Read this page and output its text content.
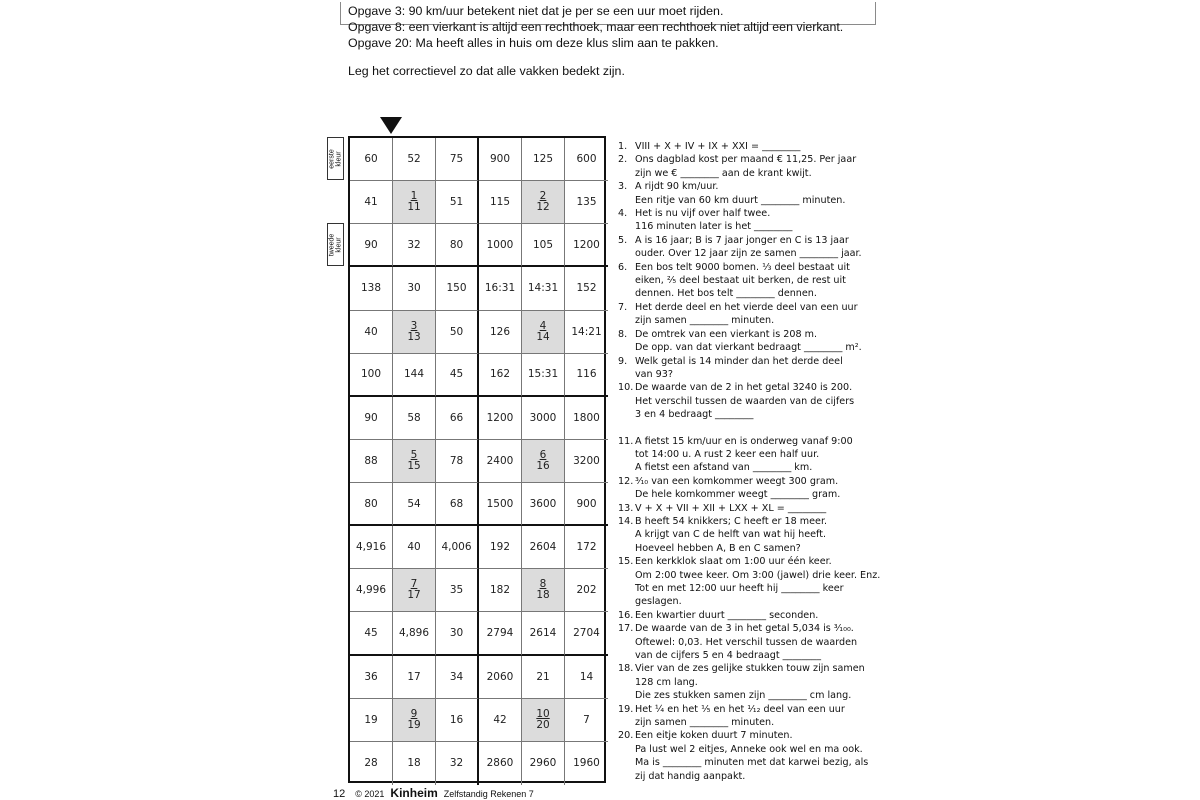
Opgave 3: 90 km/uur betekent niet dat je per se een uur moet rijden.
Opgave 8: een vierkant is altijd een rechthoek, maar een rechthoek niet altijd een vierkant.
Opgave 20: Ma heeft alles in huis om deze klus slim aan te pakken.
Leg het correctievel zo dat alle vakken bedekt zijn.
eerste kleur
tweede kleur
60	52	75	900	125	600
41	$\frac{1}{11}$	51	115	$\frac{2}{12}$	135
90	32	80	1000	105	1200
138	30	150	16:31	14:31	152
40	$\frac{3}{13}$	50	126	$\frac{4}{14}$	14:21
100	144	45	162	15:31	116
90	58	66	1200	3000	1800
88	$\frac{5}{15}$	78	2400	$\frac{6}{16}$	3200
80	54	68	1500	3600	900
4,916	40	4,006	192	2604	172
4,996	$\frac{7}{17}$	35	182	$\frac{8}{18}$	202
45	4,896	30	2794	2614	2704
36	17	34	2060	21	14
19	$\frac{9}{19}$	16	42	$\frac{10}{20}$	7
28	18	32	2860	2960	1960
1. VIII + X + IV + IX + XXI = ________
2. Ons dagblad kost per maand € 11,25. Per jaar
zijn we € ________ aan de krant kwijt.
3. A rijdt 90 km/uur.
Een ritje van 60 km duurt ________ minuten.
4. Het is nu vijf over half twee.
116 minuten later is het ________
5. A is 16 jaar; B is 7 jaar jonger en C is 13 jaar
ouder. Over 12 jaar zijn ze samen ________ jaar.
6. Een bos telt 9000 bomen. ⅓ deel bestaat uit
eiken, ⅖ deel bestaat uit berken, de rest uit
dennen. Het bos telt ________ dennen.
7. Het derde deel en het vierde deel van een uur
zijn samen ________ minuten.
8. De omtrek van een vierkant is 208 m.
De opp. van dat vierkant bedraagt ________ m².
9. Welk getal is 14 minder dan het derde deel
van 93?
10. De waarde van de 2 in het getal 3240 is 200.
Het verschil tussen de waarden van de cijfers
3 en 4 bedraagt ________
11. A fietst 15 km/uur en is onderweg vanaf 9:00
tot 14:00 u. A rust 2 keer een half uur.
A fietst een afstand van ________ km.
12. ³⁄₁₀ van een komkommer weegt 300 gram.
De hele komkommer weegt ________ gram.
13. V + X + VII + XII + LXX + XL = ________
14. B heeft 54 knikkers; C heeft er 18 meer.
A krijgt van C de helft van wat hij heeft.
Hoeveel hebben A, B en C samen?
15. Een kerkklok slaat om 1:00 uur één keer.
Om 2:00 twee keer. Om 3:00 (jawel) drie keer. Enz.
Tot en met 12:00 uur heeft hij ________ keer
geslagen.
16. Een kwartier duurt ________ seconden.
17. De waarde van de 3 in het getal 5,034 is ³⁄₁₀₀.
Oftewel: 0,03. Het verschil tussen de waarden
van de cijfers 5 en 4 bedraagt ________
18. Vier van de zes gelijke stukken touw zijn samen
128 cm lang.
Die zes stukken samen zijn ________ cm lang.
19. Het ¼ en het ⅕ en het ¹⁄₁₂ deel van een uur
zijn samen ________ minuten.
20. Een eitje koken duurt 7 minuten.
Pa lust wel 2 eitjes, Anneke ook wel en ma ook.
Ma is ________ minuten met dat karwei bezig, als
zij dat handig aanpakt.
12 © 2021 Kinheim Zelfstandig Rekenen 7
